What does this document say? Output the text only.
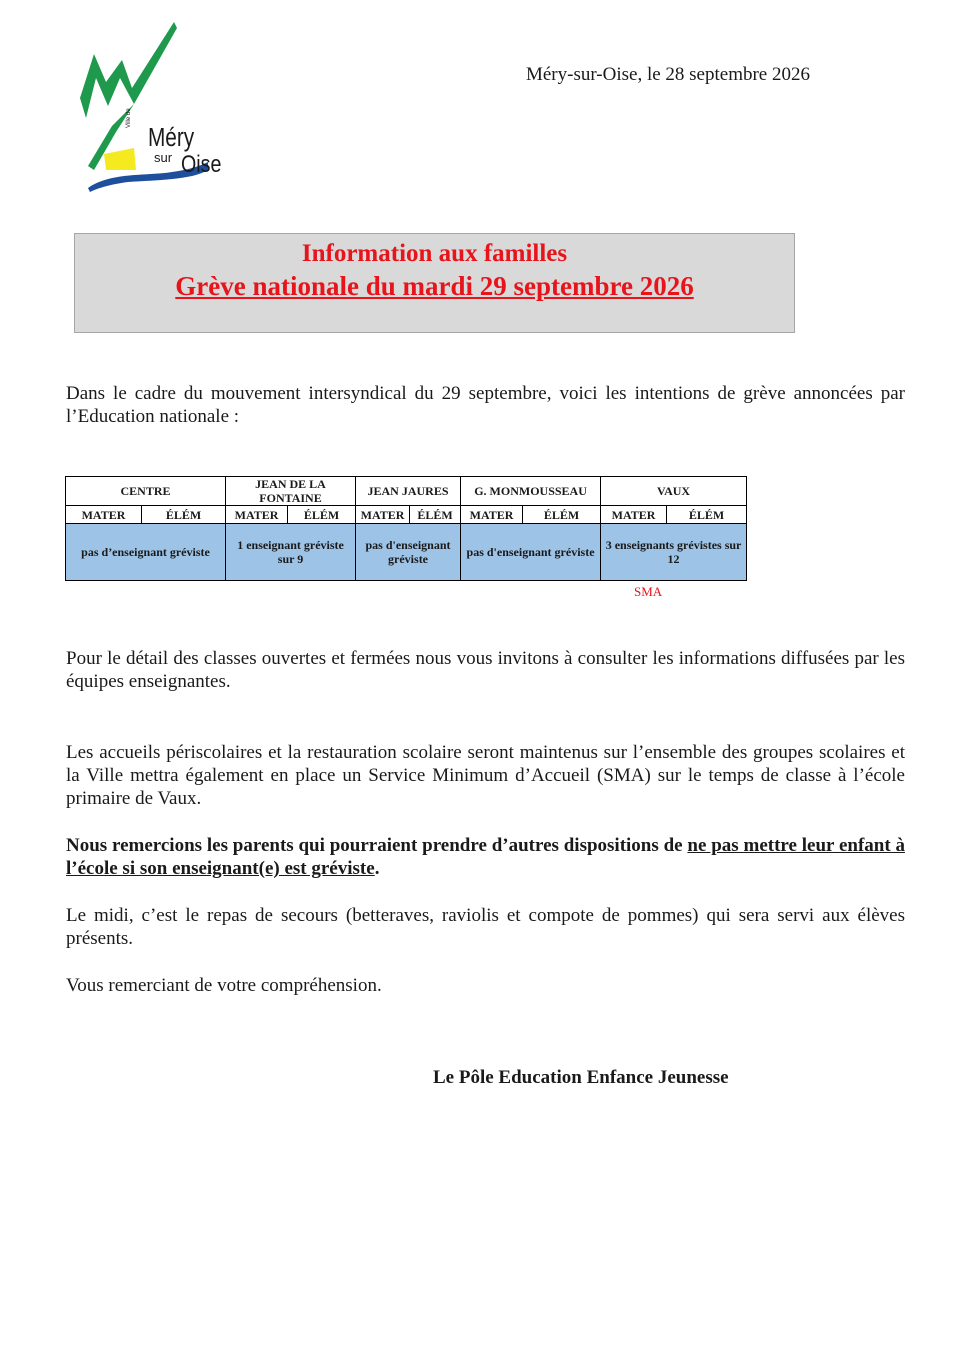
Ville de
Méry
sur Oise
Méry-sur-Oise, le 28 septembre 2026
Information aux familles
Grève nationale du mardi 29 septembre 2026

Dans le cadre du mouvement intersyndical du 29 septembre, voici les intentions de grève annoncées par l’Education nationale :

CENTRE		JEAN DE LA FONTAINE		JEAN JAURES		G. MONMOUSSEAU		VAUX	
MATER	ÉLÉM	MATER	ÉLÉM	MATER	ÉLÉM	MATER	ÉLÉM	MATER	ÉLÉM
pas d’enseignant gréviste		1 enseignant gréviste sur 9		pas d'enseignant gréviste		pas d'enseignant gréviste		3 enseignants grévistes sur 12	
SMA

Pour le détail des classes ouvertes et fermées nous vous invitons à consulter les informations diffusées par les équipes enseignantes.

Les accueils périscolaires et la restauration scolaire seront maintenus sur l’ensemble des groupes scolaires et la Ville mettra également en place un Service Minimum d’Accueil (SMA) sur le temps de classe à l’école primaire de Vaux.

Nous remercions les parents qui pourraient prendre d’autres dispositions de ne pas mettre leur enfant à l’école si son enseignant(e) est gréviste.

Le midi, c’est le repas de secours (betteraves, raviolis et compote de pommes) qui sera servi aux élèves présents.

Vous remerciant de votre compréhension.

Le Pôle Education Enfance Jeunesse
